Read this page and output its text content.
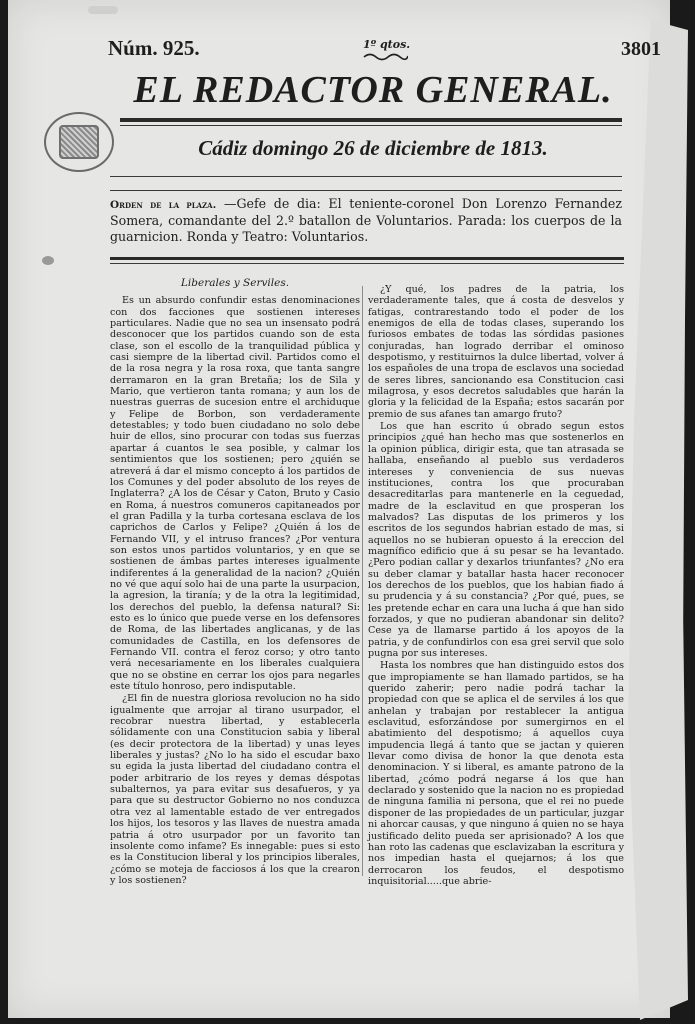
Núm. 925.	1º qtos.	3801
EL REDACTOR GENERAL.
Cádiz domingo 26 de diciembre de 1813.
Orden de la plaza. —Gefe de dia: El teniente-coronel Don Lorenzo Fernandez Somera, comandante del 2.º batallon de Voluntarios. Parada: los cuerpos de la guarnicion. Ronda y Teatro: Voluntarios.
Liberales y Serviles.

Es un absurdo confundir estas denominaciones con dos facciones que sostienen intereses particulares. Nadie que no sea un insensato podrá desconocer que los partidos cuando son de esta clase, son el escollo de la tranquilidad pública y casi siempre de la libertad civil. Partidos como el de la rosa negra y la rosa roxa, que tanta sangre derramaron en la gran Bretaña; los de Sila y Mario, que vertieron tanta romana; y aun los de nuestras guerras de sucesion entre el archiduque y Felipe de Borbon, son verdaderamente detestables; y todo buen ciudadano no solo debe huir de ellos, sino procurar con todas sus fuerzas apartar á cuantos le sea posible, y calmar los sentimientos que los sostienen; pero ¿quién se atreverá á dar el mismo concepto á los partidos de los Comunes y del poder absoluto de los reyes de Inglaterra? ¿A los de César y Caton, Bruto y Casio en Roma, á nuestros comuneros capitaneados por el gran Padilla y la turba cortesana esclava de los caprichos de Carlos y Felipe? ¿Quién á los de Fernando VII, y el intruso frances? ¿Por ventura son estos unos partidos voluntarios, y en que se sostienen de ámbas partes intereses igualmente indiferentes á la generalidad de la nacion? ¿Quién no vé que aquí solo hai de una parte la usurpacion, la agresion, la tiranía; y de la otra la legitimidad, los derechos del pueblo, la defensa natural? Si: esto es lo único que puede verse en los defensores de Roma, de las libertades anglicanas, y de las comunidades de Castilla, en los defensores de Fernando VII. contra el feroz corso; y otro tanto verá necesariamente en los liberales cualquiera que no se obstine en cerrar los ojos para negarles este título honroso, pero indisputable.

¿El fin de nuestra gloriosa revolucion no ha sido igualmente que arrojar al tirano usurpador, el recobrar nuestra libertad, y establecerla sólidamente con una Constitucion sabia y liberal (es decir protectora de la libertad) y unas leyes liberales y justas? ¿No lo ha sido el escudar baxo su egida la justa libertad del ciudadano contra el poder arbitrario de los reyes y demas déspotas subalternos, ya para evitar sus desafueros, y ya para que su destructor Gobierno no nos conduzca otra vez al lamentable estado de ver entregados los hijos, los tesoros y las llaves de nuestra amada patria á otro usurpador por un favorito tan insolente como infame? Es innegable: pues si esto es la Constitucion liberal y los principios liberales, ¿cómo se moteja de facciosos á los que la crearon y los sostienen?

¿Y qué, los padres de la patria, los verdaderamente tales, que á costa de desvelos y fatigas, contrarestando todo el poder de los enemigos de ella de todas clases, superando los furiosos embates de todas las sórdidas pasiones conjuradas, han logrado derribar el ominoso despotismo, y restituirnos la dulce libertad, volver á los españoles de una tropa de esclavos una sociedad de seres libres, sancionando esa Constitucion casi milagrosa, y esos decretos saludables que harán la gloria y la felicidad de la España; estos sacarán por premio de sus afanes tan amargo fruto?

Los que han escrito ú obrado segun estos principios ¿qué han hecho mas que sostenerlos en la opinion pública, dirigir esta, que tan atrasada se hallaba, enseñando al pueblo sus verdaderos intereses y conveniencia de sus nuevas instituciones, contra los que procuraban desacreditarlas para mantenerle en la ceguedad, madre de la esclavitud en que prosperan los malvados? Las disputas de los primeros y los escritos de los segundos habrian estado de mas, si aquellos no se hubieran opuesto á la ereccion del magnífico edificio que á su pesar se ha levantado. ¿Pero podian callar y dexarlos triunfantes? ¿No era su deber clamar y batallar hasta hacer reconocer los derechos de los pueblos, que los habian fiado á su prudencia y á su constancia? ¿Por qué, pues, se les pretende echar en cara una lucha á que han sido forzados, y que no pudieran abandonar sin delito? Cese ya de llamarse partido á los apoyos de la patria, y de confundirlos con esa grei servil que solo pugna por sus intereses.

Hasta los nombres que han distinguido estos dos que impropiamente se han llamado partidos, se ha querido zaherir; pero nadie podrá tachar la propiedad con que se aplica el de serviles á los que anhelan y trabajan por restablecer la antigua esclavitud, esforzándose por sumergirnos en el abatimiento del despotismo; á aquellos cuya impudencia llegá á tanto que se jactan y quieren llevar como divisa de honor la que denota esta denominacion. Y si liberal, es amante patrono de la libertad, ¿cómo podrá negarse á los que han declarado y sostenido que la nacion no es propiedad de ninguna familia ni persona, que el rei no puede disponer de las propiedades de un particular, juzgar ni ahorcar causas, y que ninguno á quien no se haya justificado delito pueda ser aprisionado? A los que han roto las cadenas que esclavizaban la escritura y nos impedian hasta el quejarnos; á los que derrocaron los feudos, el despotismo inquisitorial.....que abrie-
